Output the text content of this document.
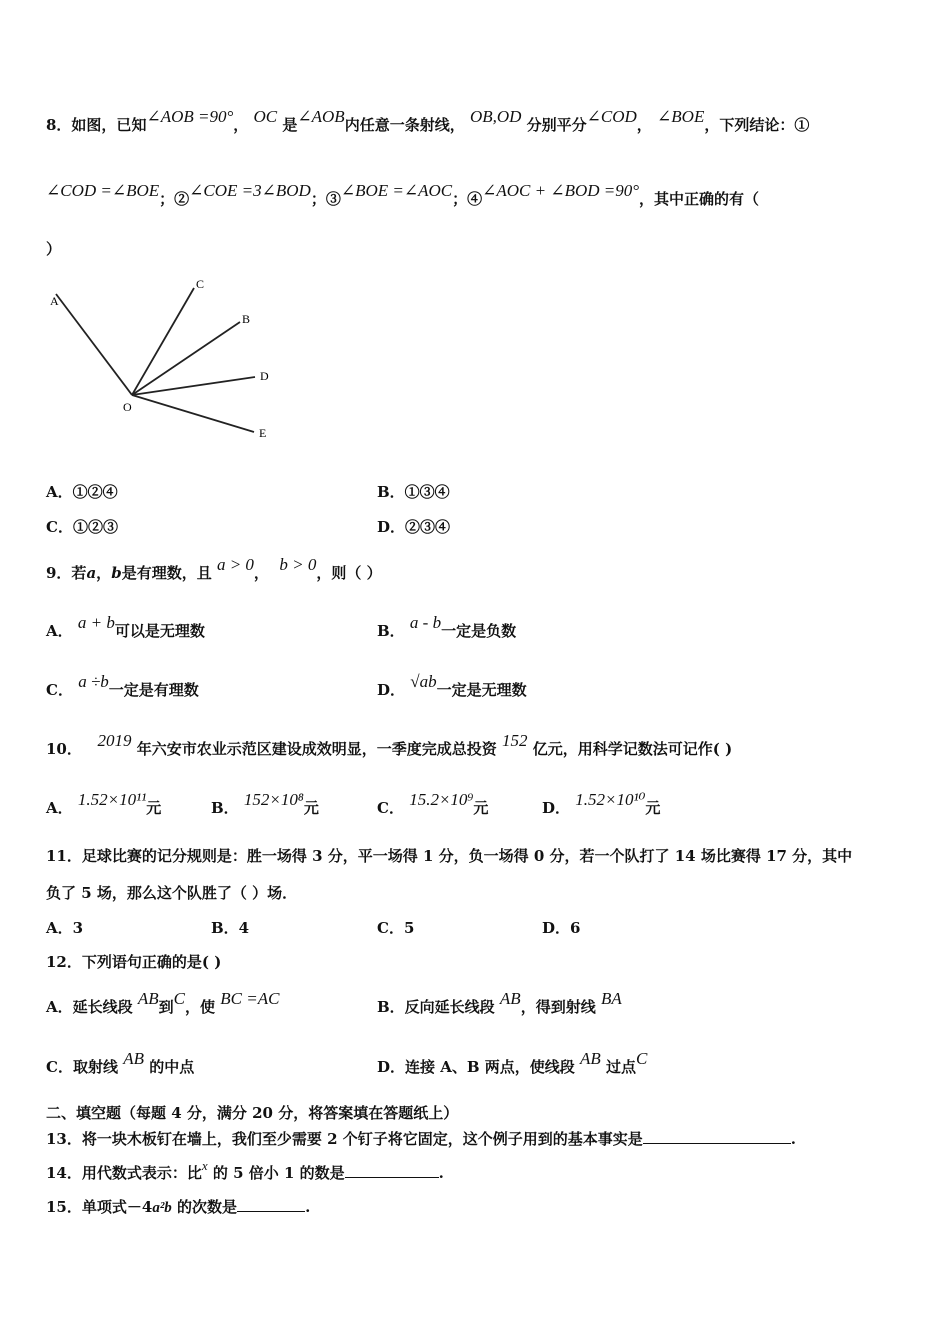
8．如图，已知∠AOB =90°， OC 是∠AOB内任意一条射线， OB,OD 分别平分∠COD， ∠BOE，下列结论：①
∠COD =∠BOE；②∠COE =3∠BOD；③∠BOE =∠AOC；④∠AOC + ∠BOD =90°，其中正确的有（
）
A
C
B
D
E
O
A．①②④	B．①③④
C．①②③	D．②③④
9．若a，b是有理数，且 a > 0， b > 0，则（ ）
A． a + b可以是无理数	B． a - b一定是负数
C． a ÷b一定是有理数	D． √ab一定是无理数
10． 2019 年六安市农业示范区建设成效明显，一季度完成总投资 152 亿元，用科学记数法可记作( )
A． 1.52×10¹¹元	B． 152×10⁸元	C． 15.2×10⁹元	D． 1.52×10¹⁰元
11．足球比赛的记分规则是：胜一场得 3 分，平一场得 1 分，负一场得 0 分，若一个队打了 14 场比赛得 17 分，其中
负了 5 场，那么这个队胜了（ ）场．
A．3	B．4	C．5	D．6
12．下列语句正确的是( )
A．延长线段 AB到C，使 BC =AC	B．反向延长线段 AB，得到射线 BA
C．取射线 AB 的中点	D．连接 A、B 两点，使线段 AB 过点C
二、填空题（每题 4 分，满分 20 分，将答案填在答题纸上）
13．将一块木板钉在墙上，我们至少需要 2 个钉子将它固定，这个例子用到的基本事实是	.
14．用代数式表示：比x 的 5 倍小 1 的数是	.
15．单项式－4a²b 的次数是	.
